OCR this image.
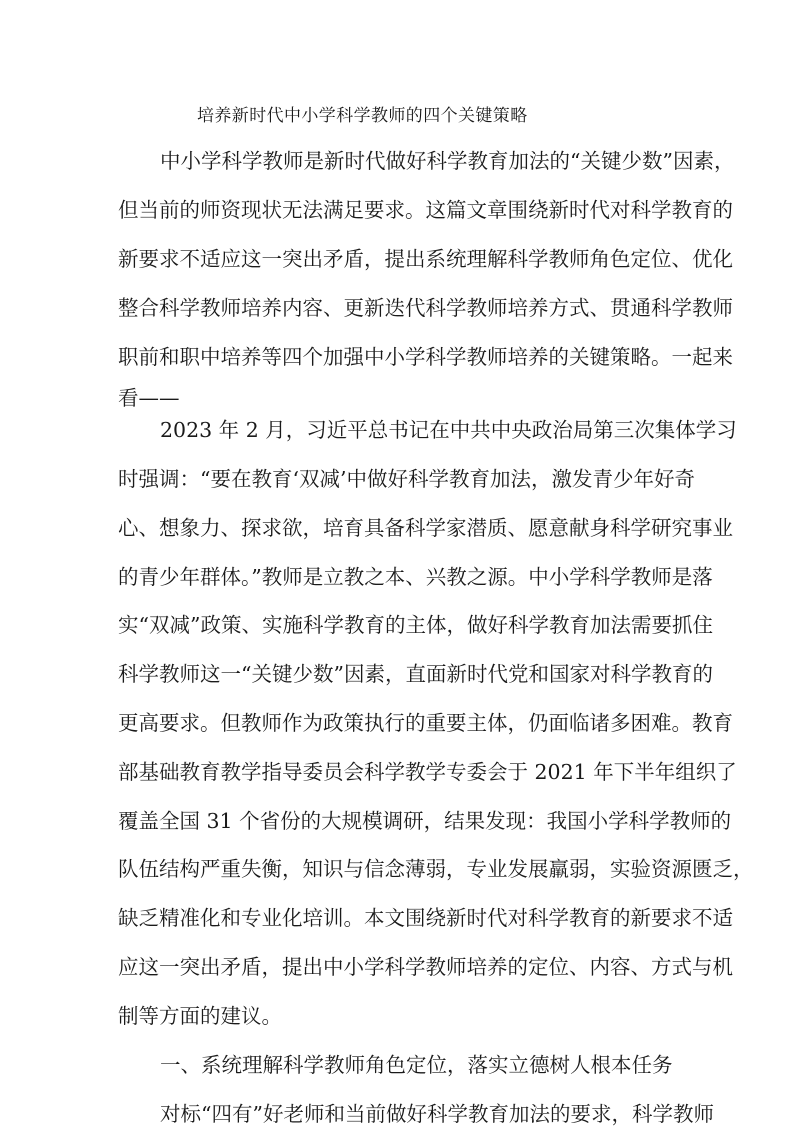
培养新时代中小学科学教师的四个关键策略
中小学科学教师是新时代做好科学教育加法的“关键少数”因素，
但当前的师资现状无法满足要求。这篇文章围绕新时代对科学教育的
新要求不适应这一突出矛盾，提出系统理解科学教师角色定位、优化
整合科学教师培养内容、更新迭代科学教师培养方式、贯通科学教师
职前和职中培养等四个加强中小学科学教师培养的关键策略。一起来
看——
2023 年 2 月，习近平总书记在中共中央政治局第三次集体学习
时强调：“要在教育‘双减’中做好科学教育加法，激发青少年好奇
心、想象力、探求欲，培育具备科学家潜质、愿意献身科学研究事业
的青少年群体。”教师是立教之本、兴教之源。中小学科学教师是落
实“双减”政策、实施科学教育的主体，做好科学教育加法需要抓住
科学教师这一“关键少数”因素，直面新时代党和国家对科学教育的
更高要求。但教师作为政策执行的重要主体，仍面临诸多困难。教育
部基础教育教学指导委员会科学教学专委会于 2021 年下半年组织了
覆盖全国 31 个省份的大规模调研，结果发现：我国小学科学教师的
队伍结构严重失衡，知识与信念薄弱，专业发展羸弱，实验资源匮乏，
缺乏精准化和专业化培训。本文围绕新时代对科学教育的新要求不适
应这一突出矛盾，提出中小学科学教师培养的定位、内容、方式与机
制等方面的建议。
一、系统理解科学教师角色定位，落实立德树人根本任务
对标“四有”好老师和当前做好科学教育加法的要求，科学教师
